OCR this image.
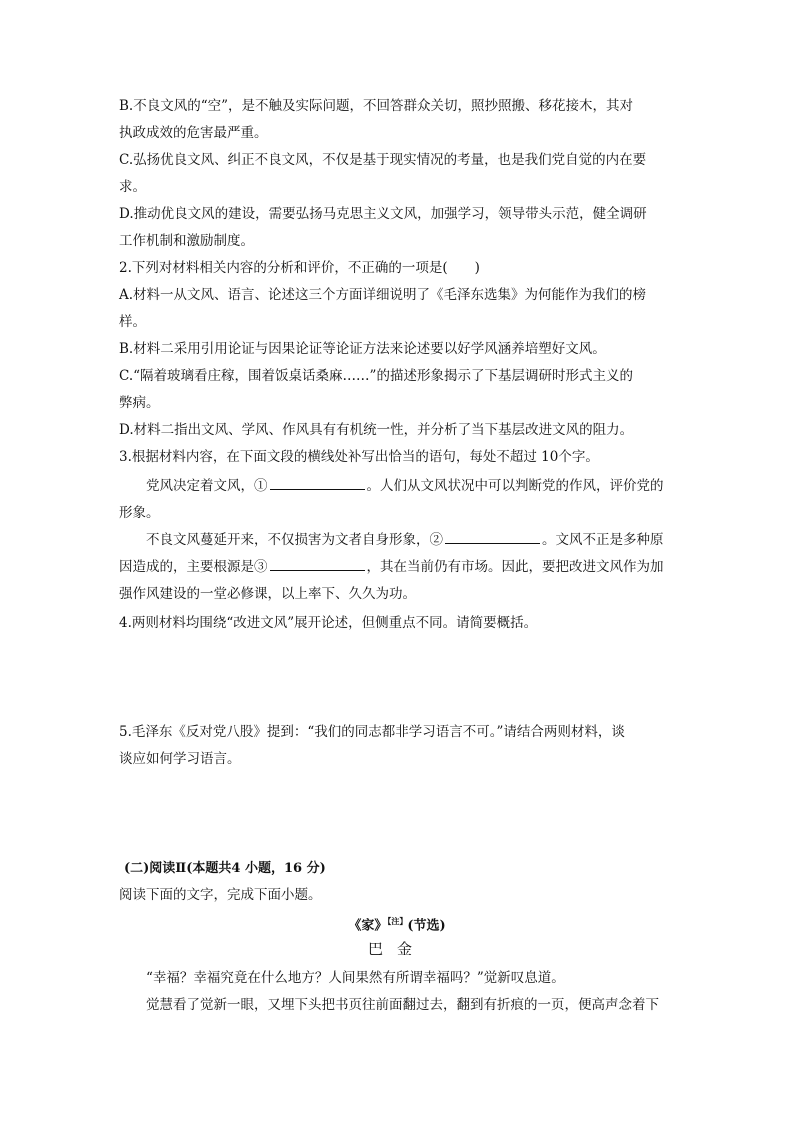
B.不良文风的“空”，是不触及实际问题，不回答群众关切，照抄照搬、移花接木，其对
执政成效的危害最严重。
C.弘扬优良文风、纠正不良文风，不仅是基于现实情况的考量，也是我们党自觉的内在要
求。
D.推动优良文风的建设，需要弘扬马克思主义文风，加强学习，领导带头示范，健全调研
工作机制和激励制度。
2.下列对材料相关内容的分析和评价，不正确的一项是(　　)
A.材料一从文风、语言、论述这三个方面详细说明了《毛泽东选集》为何能作为我们的榜
样。
B.材料二采用引用论证与因果论证等论证方法来论述要以好学风涵养培塑好文风。
C.“隔着玻璃看庄稼，围着饭桌话桑麻……”的描述形象揭示了下基层调研时形式主义的
弊病。
D.材料二指出文风、学风、作风具有有机统一性，并分析了当下基层改进文风的阻力。
3.根据材料内容，在下面文段的横线处补写出恰当的语句，每处不超过 10个字。
党风决定着文风，①	。人们从文风状况中可以判断党的作风，评价党的
形象。
不良文风蔓延开来，不仅损害为文者自身形象，②	。文风不正是多种原
因造成的，主要根源是③	，其在当前仍有市场。因此，要把改进文风作为加
强作风建设的一堂必修课，以上率下、久久为功。
4.两则材料均围绕“改进文风”展开论述，但侧重点不同。请简要概括。
5.毛泽东《反对党八股》提到：“我们的同志都非学习语言不可。”请结合两则材料，谈
谈应如何学习语言。
(二)阅读Ⅱ(本题共4 小题，16 分)
阅读下面的文字，完成下面小题。
《家》$^{【注】}$(节选)
巴金
“幸福？幸福究竟在什么地方？人间果然有所谓幸福吗？”觉新叹息道。
觉慧看了觉新一眼，又埋下头把书页往前面翻过去，翻到有折痕的一页，便高声念着下
